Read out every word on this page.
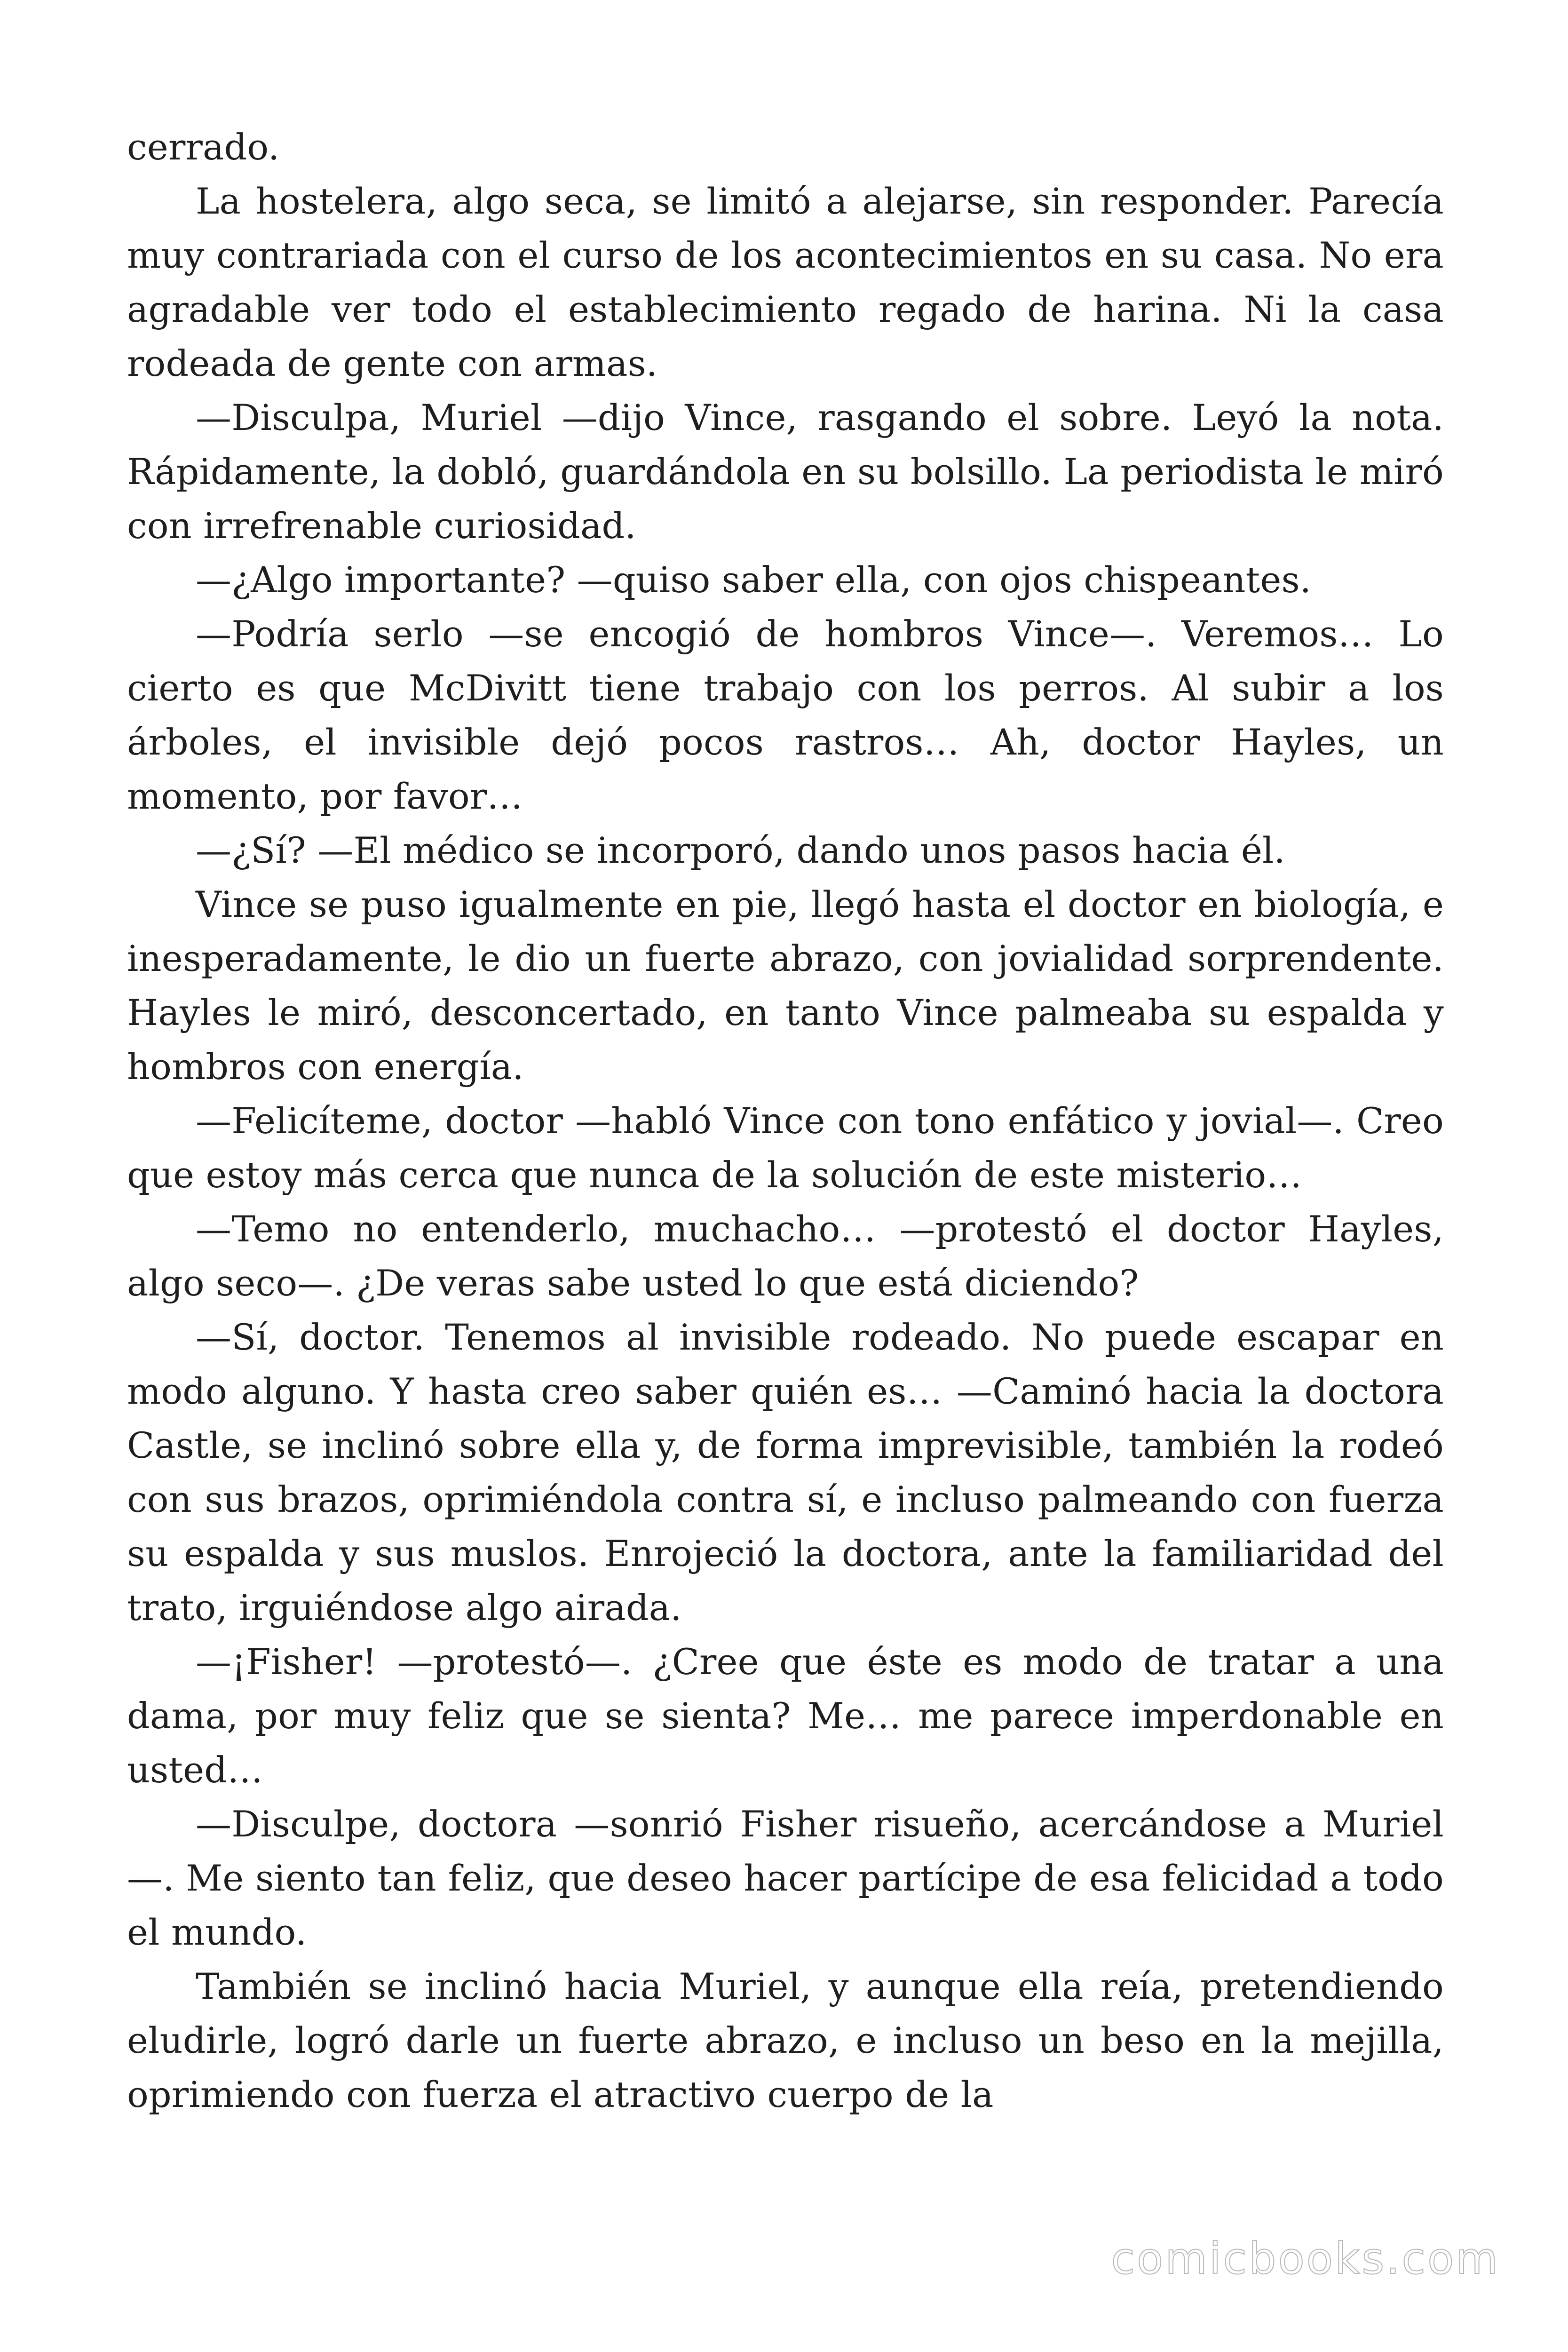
cerrado.

La hostelera, algo seca, se limitó a alejarse, sin responder. Parecía muy contrariada con el curso de los acontecimientos en su casa. No era agradable ver todo el establecimiento regado de harina. Ni la casa rodeada de gente con armas.

—Disculpa, Muriel —dijo Vince, rasgando el sobre. Leyó la nota. Rápidamente, la dobló, guardándola en su bolsillo. La periodista le miró con irrefrenable curiosidad.

—¿Algo importante? —quiso saber ella, con ojos chispeantes.

—Podría serlo —se encogió de hombros Vince—. Veremos… Lo cierto es que McDivitt tiene trabajo con los perros. Al subir a los árboles, el invisible dejó pocos rastros… Ah, doctor Hayles, un momento, por favor…

—¿Sí? —El médico se incorporó, dando unos pasos hacia él.

Vince se puso igualmente en pie, llegó hasta el doctor en biología, e inesperadamente, le dio un fuerte abrazo, con jovialidad sorprendente. Hayles le miró, desconcertado, en tanto Vince palmeaba su espalda y hombros con energía.

—Felicíteme, doctor —habló Vince con tono enfático y jovial—. Creo que estoy más cerca que nunca de la solución de este misterio…

—Temo no entenderlo, muchacho… —protestó el doctor Hayles, algo seco—. ¿De veras sabe usted lo que está diciendo?

—Sí, doctor. Tenemos al invisible rodeado. No puede escapar en modo alguno. Y hasta creo saber quién es… —Caminó hacia la doctora Castle, se inclinó sobre ella y, de forma imprevisible, también la rodeó con sus brazos, oprimiéndola contra sí, e incluso palmeando con fuerza su espalda y sus muslos. Enrojeció la doctora, ante la familiaridad del trato, irguiéndose algo airada.

—¡Fisher! —protestó—. ¿Cree que éste es modo de tratar a una dama, por muy feliz que se sienta? Me… me parece imperdonable en usted…

—Disculpe, doctora —sonrió Fisher risueño, acercándose a Muriel—. Me siento tan feliz, que deseo hacer partícipe de esa felicidad a todo el mundo.

También se inclinó hacia Muriel, y aunque ella reía, pretendiendo eludirle, logró darle un fuerte abrazo, e incluso un beso en la mejilla, oprimiendo con fuerza el atractivo cuerpo de la

comicbooks.com
